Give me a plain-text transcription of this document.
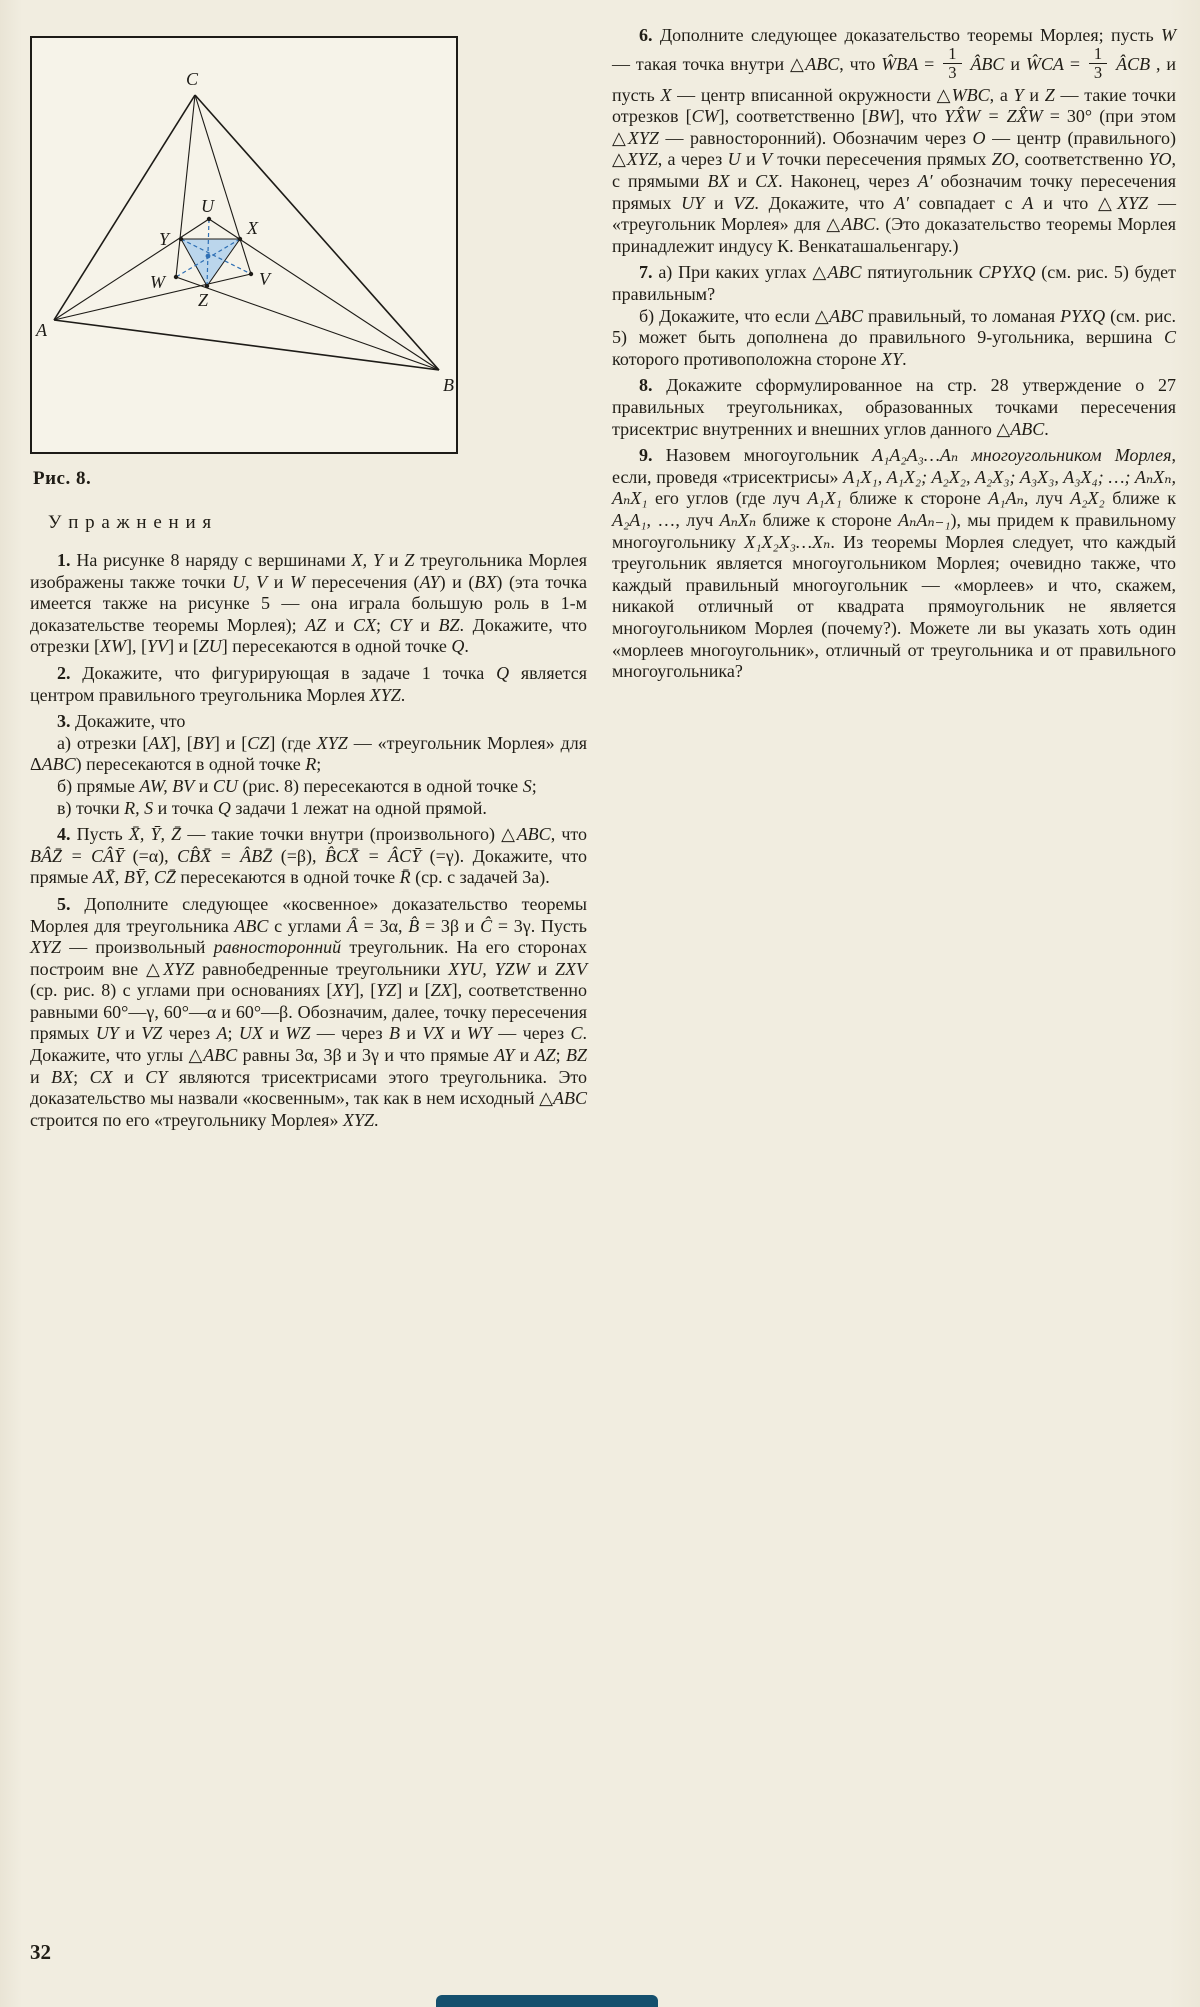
A
B
C
U
X
Y
W	V
Z
Рис. 8.
У п р а ж н е н и я

1. На рисунке 8 наряду с вершинами X, Y и Z треугольника Морлея изображены также точки U, V и W пересечения (AY) и (BX) (эта точка имеется также на рисунке 5 — она играла большую роль в 1-м доказательстве теоремы Морлея); AZ и CX; CY и BZ. Докажите, что отрезки [XW], [YV] и [ZU] пересекаются в одной точке Q.

2. Докажите, что фигурирующая в задаче 1 точка Q является центром правильного треугольника Морлея XYZ.

3. Докажите, что

а) отрезки [AX], [BY] и [CZ] (где XYZ — «треугольник Морлея» для ΔABC) пересекаются в одной точке R;

б) прямые AW, BV и CU (рис. 8) пересекаются в одной точке S;

в) точки R, S и точка Q задачи 1 лежат на одной прямой.

4. Пусть X̄, Ȳ, Z̄ — такие точки внутри (произвольного) △ABC, что BÂZ̄ = CÂȲ (=α), CB̂X̄ = ÂBZ̄ (=β), B̂CX̄ = ÂCȲ (=γ). Докажите, что прямые AX̄, BȲ, CZ̄ пересекаются в одной точке R̄ (ср. с задачей 3а).

5. Дополните следующее «косвенное» доказательство теоремы Морлея для треугольника ABC с углами Â = 3α, B̂ = 3β и Ĉ = 3γ. Пусть XYZ — произвольный равносторонний треугольник. На его сторонах построим вне △XYZ равнобедренные треугольники XYU, YZW и ZXV (ср. рис. 8) с углами при основаниях [XY], [YZ] и [ZX], соответственно равными 60°—γ, 60°—α и 60°—β. Обозначим, далее, точку пересечения прямых UY и VZ через A; UX и WZ — через B и VX и WY — через C. Докажите, что углы △ABC равны 3α, 3β и 3γ и что прямые AY и AZ; BZ и BX; CX и CY являются трисектрисами этого треугольника. Это доказательство мы назвали «косвенным», так как в нем исходный △ABC строится по его «треугольнику Морлея» XYZ.

6. Дополните следующее доказательство теоремы Морлея; пусть W — такая точка внутри △ABC, что ŴBA = $\frac{1}{3}$ ÂBC и ŴCA = $\frac{1}{3}$ ÂCB , и пусть X — центр вписанной окружности △WBC, а Y и Z — такие точки отрезков [CW], соответственно [BW], что YX̂W = ZX̂W = 30° (при этом △XYZ — равносторонний). Обозначим через O — центр (правильного) △XYZ, а через U и V точки пересечения прямых ZO, соответственно YO, с прямыми BX и CX. Наконец, через A′ обозначим точку пересечения прямых UY и VZ. Докажите, что A′ совпадает с A и что △XYZ — «треугольник Морлея» для △ABC. (Это доказательство теоремы Морлея принадлежит индусу К. Венкаташальенгару.)

7. а) При каких углах △ABC пятиугольник CPYXQ (см. рис. 5) будет правильным?

б) Докажите, что если △ABC правильный, то ломаная PYXQ (см. рис. 5) может быть дополнена до правильного 9-угольника, вершина C которого противоположна стороне XY.

8. Докажите сформулированное на стр. 28 утверждение о 27 правильных треугольниках, образованных точками пересечения трисектрис внутренних и внешних углов данного △ABC.

9. Назовем многоугольник A₁A₂A₃…Aₙ многоугольником Морлея, если, проведя «трисектрисы» A₁X₁, A₁X₂; A₂X₂, A₂X₃; A₃X₃, A₃X₄; …; AₙXₙ, AₙX₁ его углов (где луч A₁X₁ ближе к стороне A₁Aₙ, луч A₂X₂ ближе к A₂A₁, …, луч AₙXₙ ближе к стороне AₙAₙ₋₁), мы придем к правильному многоугольнику X₁X₂X₃…Xₙ. Из теоремы Морлея следует, что каждый треугольник является многоугольником Морлея; очевидно также, что каждый правильный многоугольник — «морлеев» и что, скажем, никакой отличный от квадрата прямоугольник не является многоугольником Морлея (почему?). Можете ли вы указать хоть один «морлеев многоугольник», отличный от треугольника и от правильного многоугольника?

32
